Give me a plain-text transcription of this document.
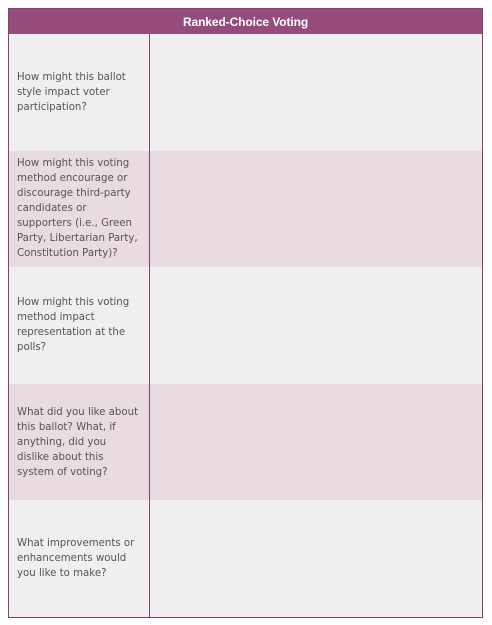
Ranked-Choice Voting
How might this ballot style impact voter participation?
How might this voting method encourage or discourage third-party candidates or supporters (i.e., Green Party, Libertarian Party, Constitution Party)?
How might this voting method impact representation at the polls?
What did you like about this ballot? What, if anything, did you dislike about this system of voting?
What improvements or enhancements would you like to make?
